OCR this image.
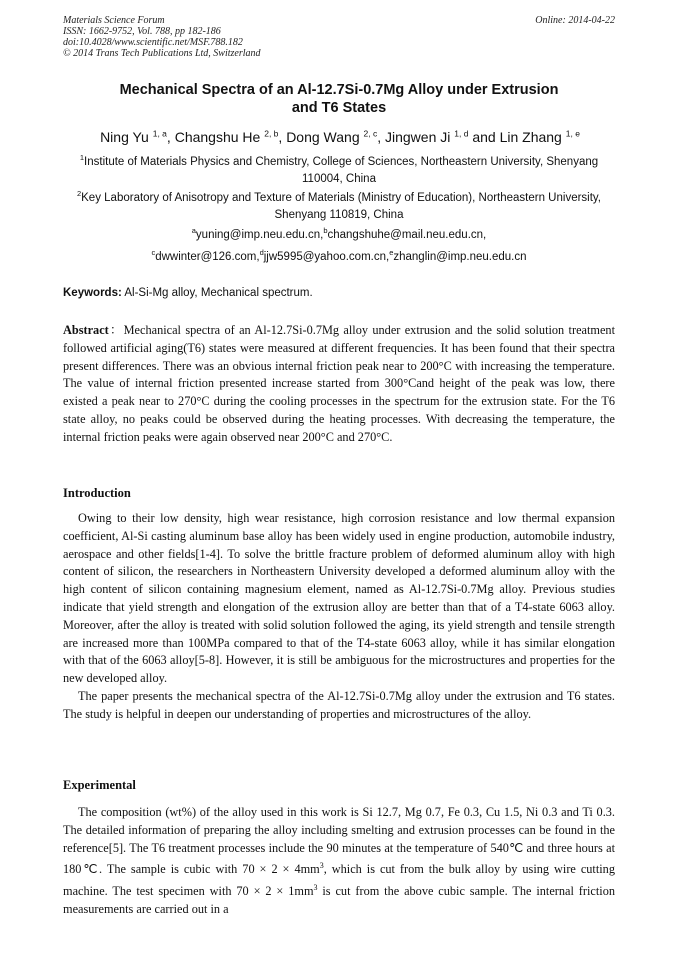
Materials Science Forum
ISSN: 1662-9752, Vol. 788, pp 182-186
doi:10.4028/www.scientific.net/MSF.788.182
© 2014 Trans Tech Publications Ltd, Switzerland
Online: 2014-04-22
Mechanical Spectra of an Al-12.7Si-0.7Mg Alloy under Extrusion
and T6 States
Ning Yu $^{1, a}$, Changshu He $^{2, b}$, Dong Wang $^{2, c}$, Jingwen Ji $^{1, d}$ and Lin Zhang $^{1, e}$
$^1$Institute of Materials Physics and Chemistry, College of Sciences, Northeastern University, Shenyang 110004, China
$^2$Key Laboratory of Anisotropy and Texture of Materials (Ministry of Education), Northeastern University, Shenyang 110819, China
$^a$yuning@imp.neu.edu.cn,$^b$changshuhe@mail.neu.edu.cn,
$^c$dwwinter@126.com,$^d$jjw5995@yahoo.com.cn,$^e$zhanglin@imp.neu.edu.cn
Keywords: Al-Si-Mg alloy, Mechanical spectrum.
Abstract：Mechanical spectra of an Al-12.7Si-0.7Mg alloy under extrusion and the solid solution treatment followed artificial aging(T6) states were measured at different frequencies. It has been found that their spectra present differences. There was an obvious internal friction peak near to 200°C with increasing the temperature. The value of internal friction presented increase started from 300°Cand height of the peak was low, there existed a peak near to 270°C during the cooling processes in the spectrum for the extrusion state. For the T6 state alloy, no peaks could be observed during the heating processes. With decreasing the temperature, the internal friction peaks were again observed near 200°C and 270°C.
Introduction

Owing to their low density, high wear resistance, high corrosion resistance and low thermal expansion coefficient, Al-Si casting aluminum base alloy has been widely used in engine production, automobile industry, aerospace and other fields[1-4]. To solve the brittle fracture problem of deformed aluminum alloy with high content of silicon, the researchers in Northeastern University developed a deformed aluminum alloy with the high content of silicon containing magnesium element, named as Al-12.7Si-0.7Mg alloy. Previous studies indicate that yield strength and elongation of the extrusion alloy are better than that of a T4-state 6063 alloy. Moreover, after the alloy is treated with solid solution followed the aging, its yield strength and tensile strength are increased more than 100MPa compared to that of the T4-state 6063 alloy, while it has similar elongation with that of the 6063 alloy[5-8]. However, it is still be ambiguous for the microstructures and properties for the new developed alloy.

The paper presents the mechanical spectra of the Al-12.7Si-0.7Mg alloy under the extrusion and T6 states. The study is helpful in deepen our understanding of properties and microstructures of the alloy.

Experimental

The composition (wt%) of the alloy used in this work is Si 12.7, Mg 0.7, Fe 0.3, Cu 1.5, Ni 0.3 and Ti 0.3. The detailed information of preparing the alloy including smelting and extrusion processes can be found in the reference[5]. The T6 treatment processes include the 90 minutes at the temperature of 540℃ and three hours at 180℃. The sample is cubic with $70 \times 2 \times 4mm^3$, which is cut from the bulk alloy by using wire cutting machine. The test specimen with $70 \times 2 \times 1mm^3$ is cut from the above cubic sample. The internal friction measurements are carried out in a
